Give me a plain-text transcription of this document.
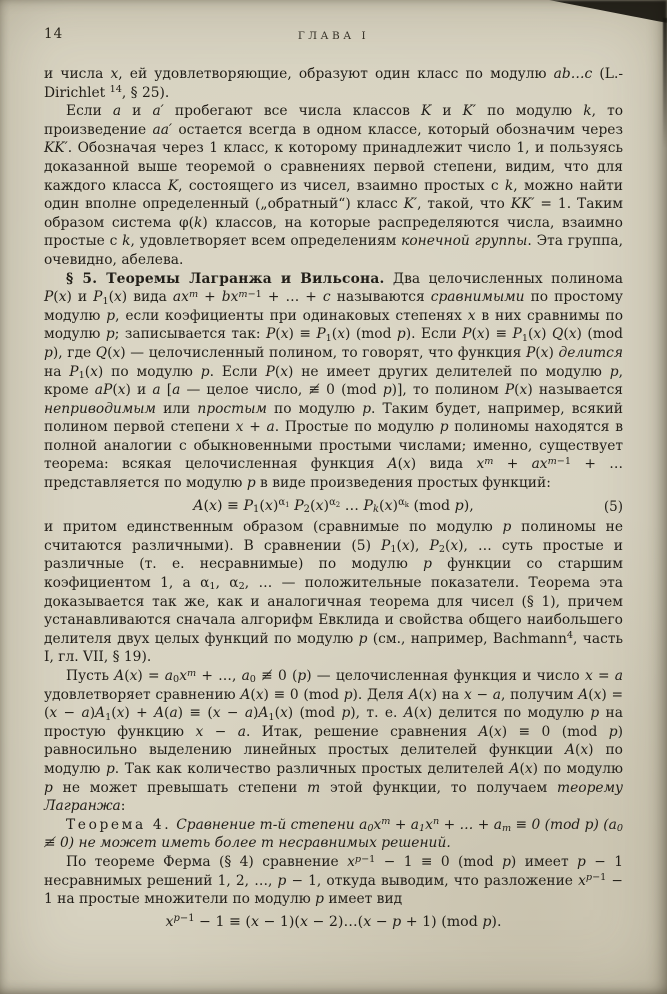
14	ГЛАВА I

и числа x, ей удовлетворяющие, образуют один класс по модулю ab…c (L.-Dirichlet $^{14}$, § 25).

Если a и a′ пробегают все числа классов K и K′ по модулю k, то произведение aa′ остается всегда в одном классе, который обозначим через KK′. Обозначая через 1 класс, к которому принадлежит число 1, и пользуясь доказанной выше теоремой о сравнениях первой степени, видим, что для каждого класса K, состоящего из чисел, взаимно простых с k, можно найти один вполне определенный („обратный“) класс K′, такой, что KK′ = 1. Таким образом система φ(k) классов, на которые распределяются числа, взаимно простые с k, удовлетворяет всем определениям конечной группы. Эта группа, очевидно, абелева.

§ 5. Теоремы Лагранжа и Вильсона. Два целочисленных полинома P(x) и $P_1(x)$ вида $ax^m + bx^{m-1}$ + … + c называются сравнимыми по простому модулю p, если коэфициенты при одинаковых степенях x в них сравнимы по модулю p; записывается так: $P(x) \equiv P_1(x)$ (mod p). Если $P(x) \equiv P_1(x)$ Q(x) (mod p), где Q(x) — целочисленный полином, то говорят, что функция P(x) делится на $P_1(x)$ по модулю p. Если P(x) не имеет других делителей по модулю p, кроме aP(x) и a [a — целое число, ≢ 0 (mod p)], то полином P(x) называется неприводимым или простым по модулю p. Таким будет, например, всякий полином первой степени x + a. Простые по модулю p полиномы находятся в полной аналогии с обыкновенными простыми числами; именно, существует теорема: всякая целочисленная функция A(x) вида $x^m + ax^{m-1}$ + … представляется по модулю p в виде произведения простых функций:

$A(x) \equiv P_1(x)^{\alpha_1}$ $P_2(x)^{\alpha_2}$ … $P_k(x)^{\alpha_k}$ (mod p),	(5)

и притом единственным образом (сравнимые по модулю p полиномы не считаются различными). В сравнении (5) $P_1(x)$, $P_2(x)$, … суть простые и различные (т. е. несравнимые) по модулю p функции со старшим коэфициентом 1, а $\alpha_1$, $\alpha_2$, … — положительные показатели. Теорема эта доказывается так же, как и аналогичная теорема для чисел (§ 1), причем устанавливаются сначала алгорифм Евклида и свойства общего наибольшего делителя двух целых функций по модулю p (см., например, Bachmann$^4$, часть I, гл. VII, § 19).

Пусть $A(x) = a_0x^m$ + …, $a_0$ ≢ 0 (p) — целочисленная функция и число x = a удовлетворяет сравнению A(x) ≡ 0 (mod p). Деля A(x) на x − a, получим $A(x) = (x - a)A_1(x) + A(a) \equiv (x - a)A_1(x)$ (mod p), т. е. A(x) делится по модулю p на простую функцию x − a. Итак, решение сравнения A(x) ≡ 0 (mod p) равносильно выделению линейных простых делителей функции A(x) по модулю p. Так как количество различных простых делителей A(x) по модулю p не может превышать степени m этой функции, то получаем теорему Лагранжа:

Теорема 4. Сравнение m-й степени $a_0x^m + a_1x^n$ + … + $a_m \equiv 0$ (mod p) ($a_0$ ≢ 0) не может иметь более m несравнимых решений.

По теореме Ферма (§ 4) сравнение $x^{p-1} - 1 \equiv 0$ (mod p) имеет p − 1 несравнимых решений 1, 2, …, p − 1, откуда выводим, что разложение $x^{p-1} - 1$ на простые множители по модулю p имеет вид

$x^{p-1} - 1 \equiv (x - 1)(x$ − 2)…(x − p + 1) (mod p).
